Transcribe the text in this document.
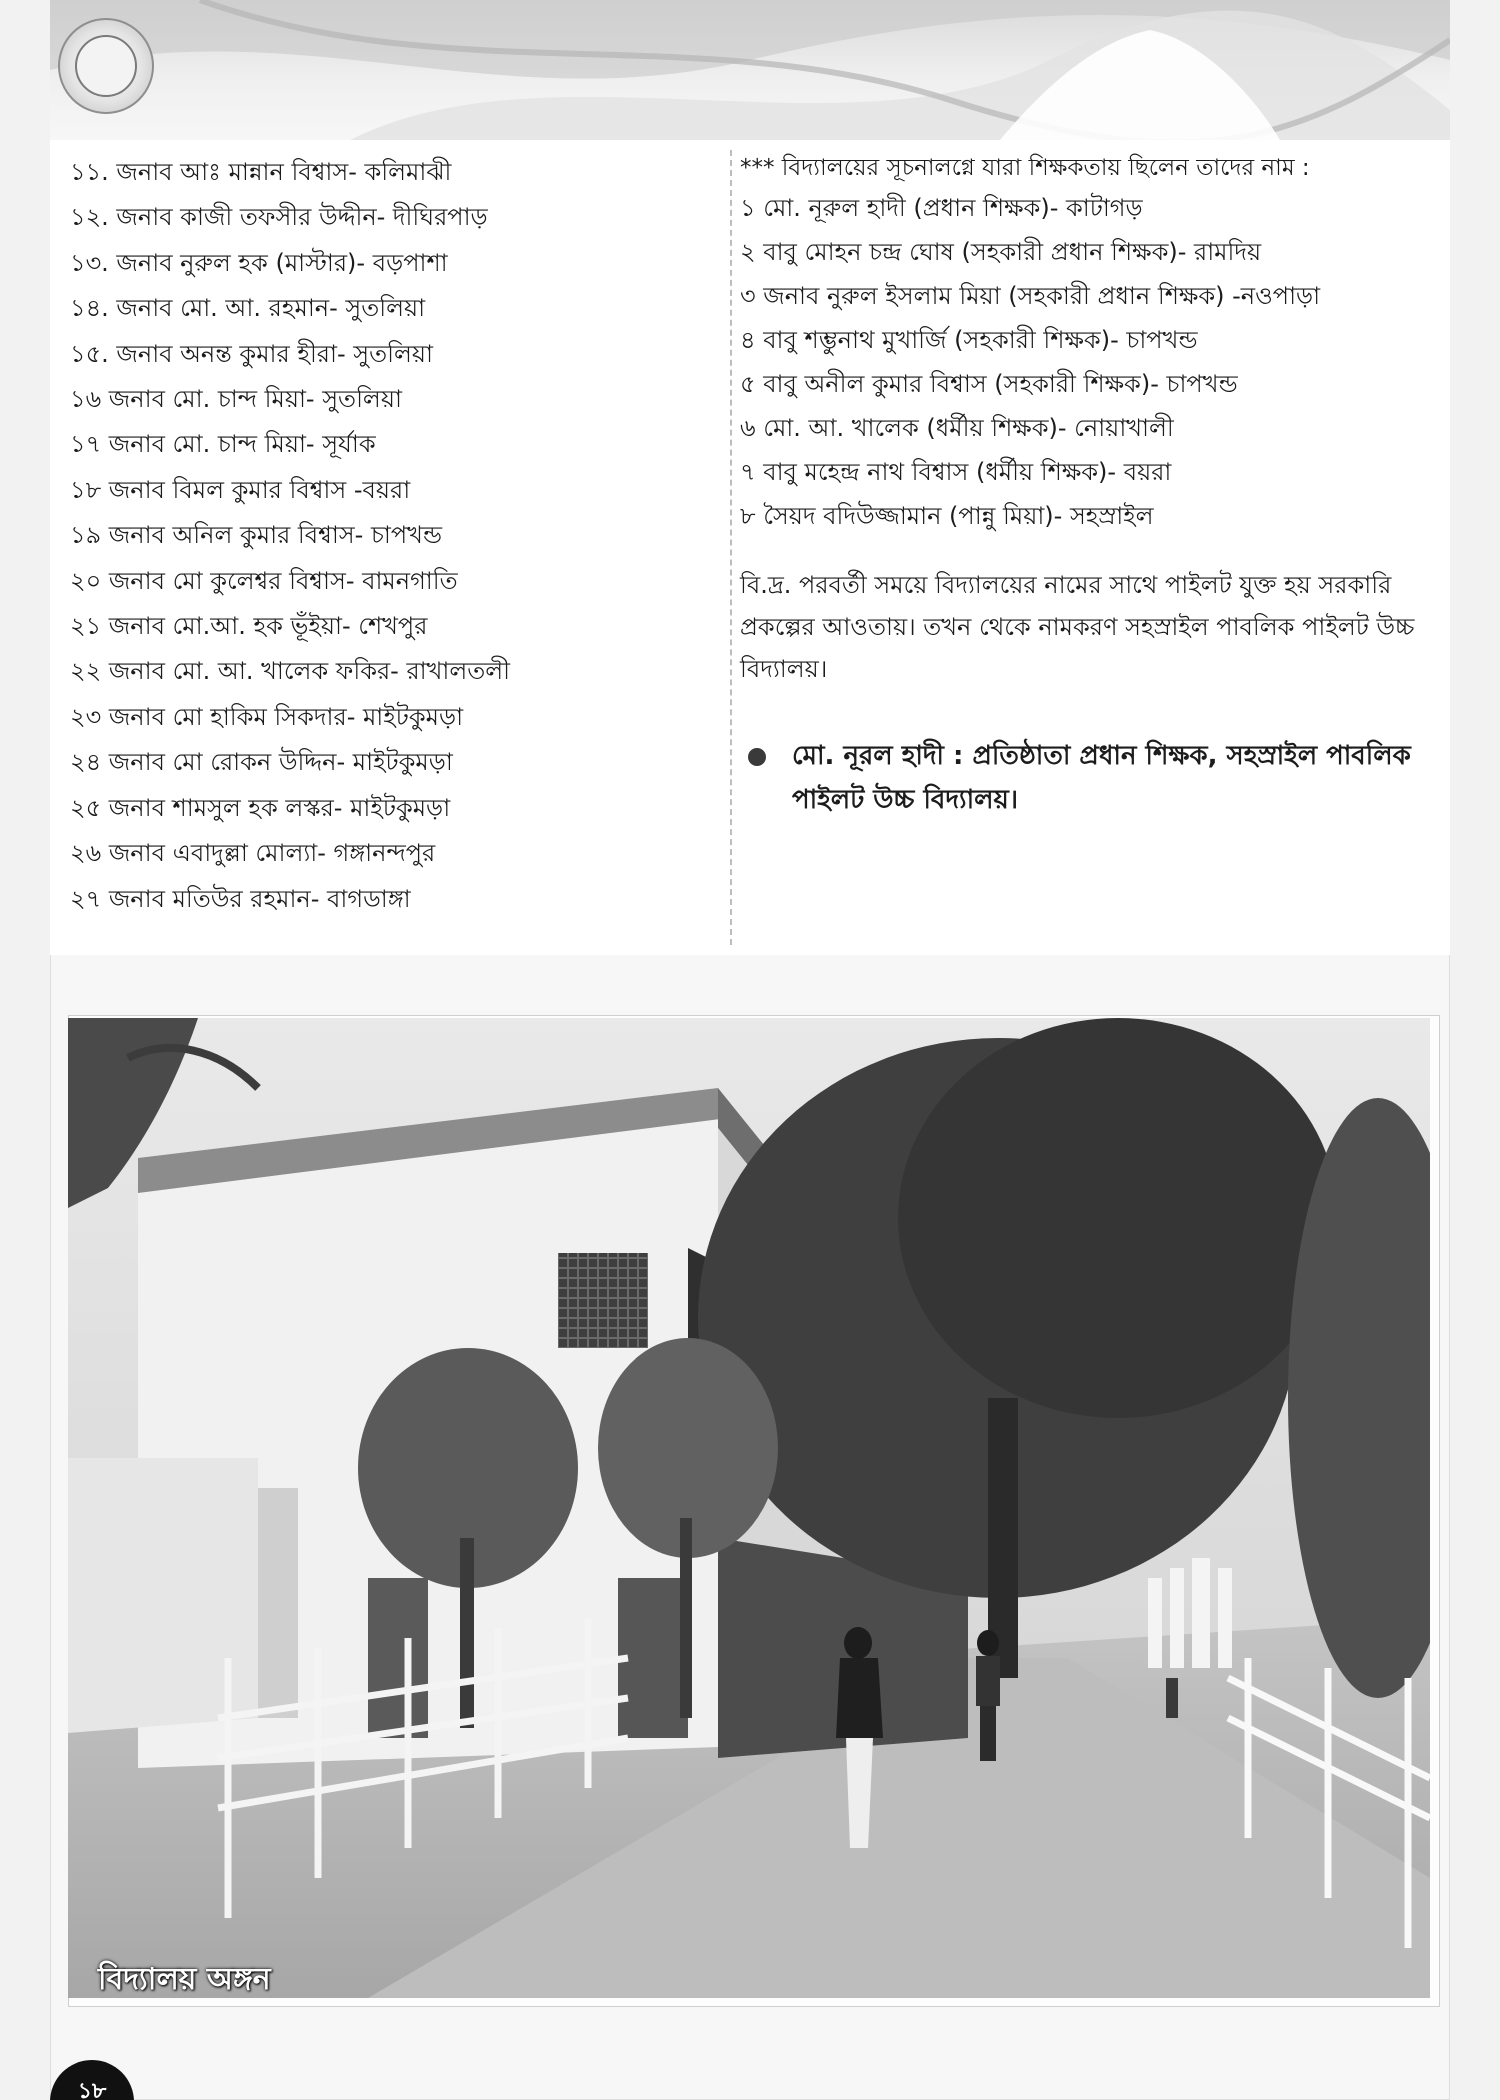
১১. জনাব আঃ মান্নান বিশ্বাস- কলিমাঝী
১২. জনাব কাজী তফসীর উদ্দীন- দীঘিরপাড়
১৩. জনাব নুরুল হক (মাস্টার)- বড়পাশা
১৪. জনাব মো. আ. রহমান- সুতলিয়া
১৫. জনাব অনন্ত কুমার হীরা- সুতলিয়া
১৬ জনাব মো. চান্দ মিয়া- সুতলিয়া
১৭ জনাব মো. চান্দ মিয়া- সূর্যাক
১৮ জনাব বিমল কুমার বিশ্বাস -বয়রা
১৯ জনাব অনিল কুমার বিশ্বাস- চাপখন্ড
২০ জনাব মো কুলেশ্বর বিশ্বাস- বামনগাতি
২১ জনাব মো.আ. হক ভূঁইয়া- শেখপুর
২২ জনাব মো. আ. খালেক ফকির- রাখালতলী
২৩ জনাব মো হাকিম সিকদার- মাইটকুমড়া
২৪ জনাব মো রোকন উদ্দিন- মাইটকুমড়া
২৫ জনাব শামসুল হক লস্কর- মাইটকুমড়া
২৬ জনাব এবাদুল্লা মোল্যা- গঙ্গানন্দপুর
২৭ জনাব মতিউর রহমান- বাগডাঙ্গা
*** বিদ্যালয়ের সূচনালগ্নে যারা শিক্ষকতায় ছিলেন তাদের নাম :
১ মো. নূরুল হাদী (প্রধান শিক্ষক)- কাটাগড়
২ বাবু মোহন চন্দ্র ঘোষ (সহকারী প্রধান শিক্ষক)- রামদিয়
৩ জনাব নুরুল ইসলাম মিয়া (সহকারী প্রধান শিক্ষক) -নওপাড়া
৪ বাবু শম্ভুনাথ মুখার্জি (সহকারী শিক্ষক)- চাপখন্ড
৫ বাবু অনীল কুমার বিশ্বাস (সহকারী শিক্ষক)- চাপখন্ড
৬ মো. আ. খালেক (ধর্মীয় শিক্ষক)- নোয়াখালী
৭ বাবু মহেন্দ্র নাথ বিশ্বাস (ধর্মীয় শিক্ষক)- বয়রা
৮ সৈয়দ বদিউজ্জামান (পান্নু মিয়া)- সহস্রাইল
বি.দ্র. পরবর্তী সময়ে বিদ্যালয়ের নামের সাথে পাইলট যুক্ত হয় সরকারি প্রকল্পের আওতায়। তখন থেকে নামকরণ সহস্রাইল পাবলিক পাইলট উচ্চ বিদ্যালয়।
মো. নূরল হাদী : প্রতিষ্ঠাতা প্রধান শিক্ষক, সহস্রাইল পাবলিক পাইলট উচ্চ বিদ্যালয়।
বিদ্যালয় অঙ্গন
১৮
